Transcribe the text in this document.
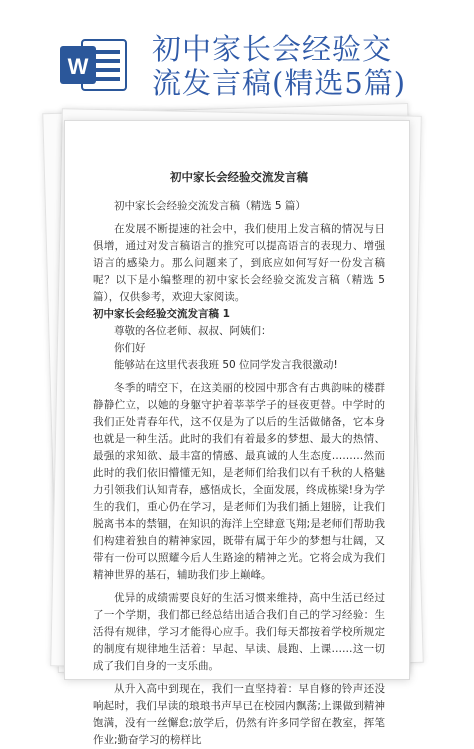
W
初中家长会经验交
流发言稿(精选5篇)
初中家长会经验交流发言稿

初中家长会经验交流发言稿（精选 5 篇）

在发展不断提速的社会中，我们使用上发言稿的情况与日俱增，通过对发言稿语言的推究可以提高语言的表现力、增强语言的感染力。那么问题来了，到底应如何写好一份发言稿呢？以下是小编整理的初中家长会经验交流发言稿（精选 5 篇），仅供参考，欢迎大家阅读。

初中家长会经验交流发言稿 1

尊敬的各位老师、叔叔、阿姨们：

你们好

能够站在这里代表我班 50 位同学发言我很激动!

冬季的晴空下，在这美丽的校园中那含有古典韵味的楼群静静伫立，以她的身躯守护着莘莘学子的昼夜更替。中学时的我们正处青春年代，这不仅是为了以后的生活做储备，它本身也就是一种生活。此时的我们有着最多的梦想、最大的热情、最强的求知欲、最丰富的情感、最真诚的人生态度………然而此时的我们依旧懵懂无知，是老师们给我们以有千秋的人格魅力引领我们认知青春，感悟成长，全面发展，终成栋梁!身为学生的我们，重心仍在学习，是老师们为我们插上翅膀，让我们脱离书本的禁锢，在知识的海洋上空肆意飞翔;是老师们帮助我们构建着独自的精神家园，既带有属于年少的梦想与壮阔，又带有一份可以照耀今后人生路途的精神之光。它将会成为我们精神世界的基石，辅助我们步上巅峰。

优异的成绩需要良好的生活习惯来维持，高中生活已经过了一个学期，我们都已经总结出适合我们自己的学习经验：生活得有规律，学习才能得心应手。我们每天都按着学校所规定的制度有规律地生活着：早起、早读、晨跑、上课……这一切成了我们自身的一支乐曲。

从升入高中到现在，我们一直坚持着：早自修的铃声还没响起时，我们早读的琅琅书声早已在校园内飘荡;上课做到精神饱满，没有一丝懈怠;放学后，仍然有许多同学留在教室，挥笔作业;勤奋学习的榜样比
